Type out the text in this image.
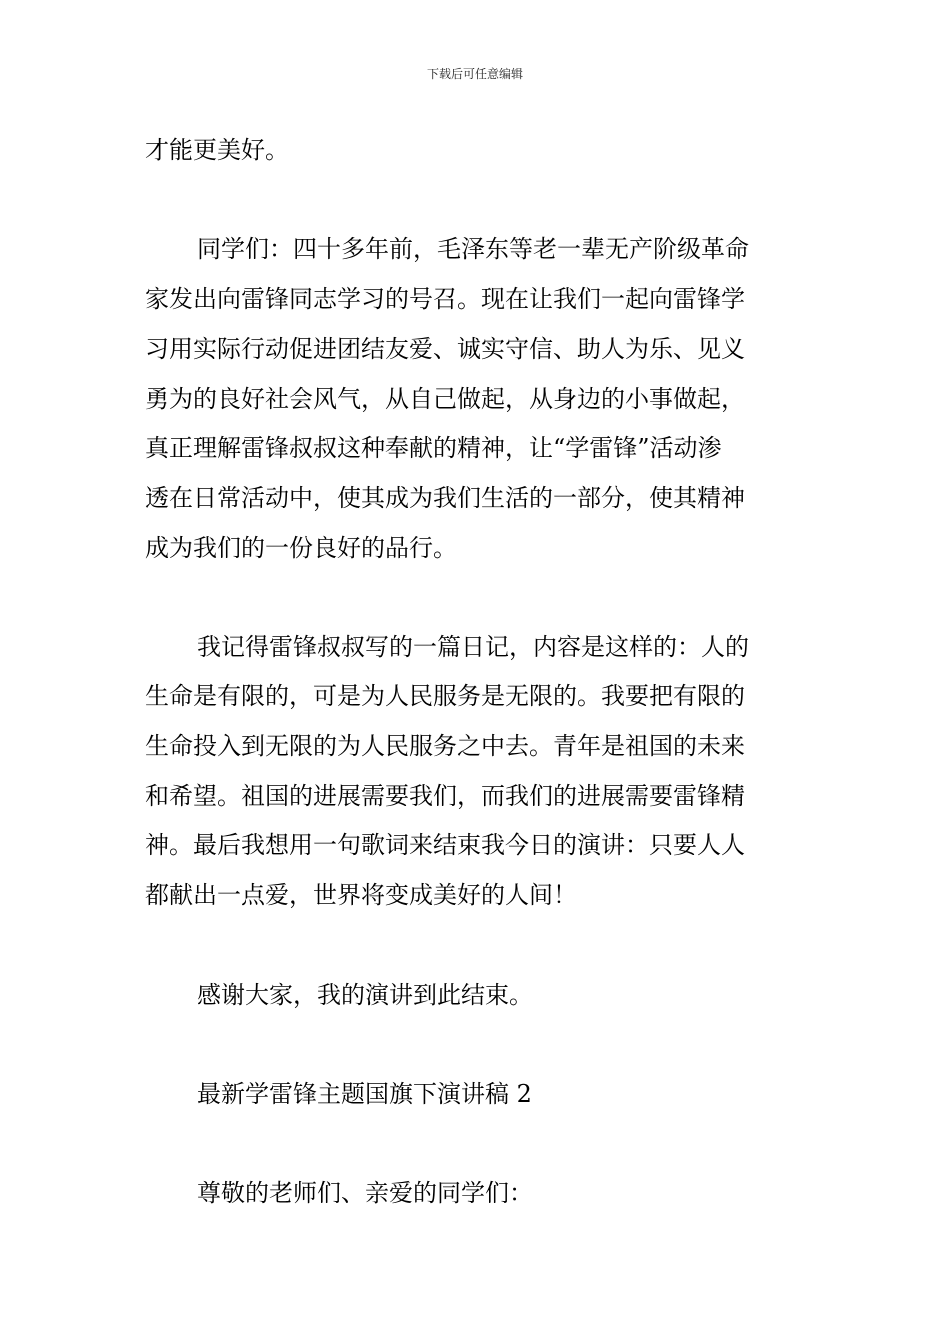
下载后可任意编辑
才能更美好。
同学们：四十多年前，毛泽东等老一辈无产阶级革命
家发出向雷锋同志学习的号召。现在让我们一起向雷锋学
习用实际行动促进团结友爱、诚实守信、助人为乐、见义
勇为的良好社会风气，从自己做起，从身边的小事做起，
真正理解雷锋叔叔这种奉献的精神，让“学雷锋”活动渗
透在日常活动中，使其成为我们生活的一部分，使其精神
成为我们的一份良好的品行。
我记得雷锋叔叔写的一篇日记，内容是这样的：人的
生命是有限的，可是为人民服务是无限的。我要把有限的
生命投入到无限的为人民服务之中去。青年是祖国的未来
和希望。祖国的进展需要我们，而我们的进展需要雷锋精
神。最后我想用一句歌词来结束我今日的演讲：只要人人
都献出一点爱，世界将变成美好的人间！
感谢大家，我的演讲到此结束。
最新学雷锋主题国旗下演讲稿 2
尊敬的老师们、亲爱的同学们：
